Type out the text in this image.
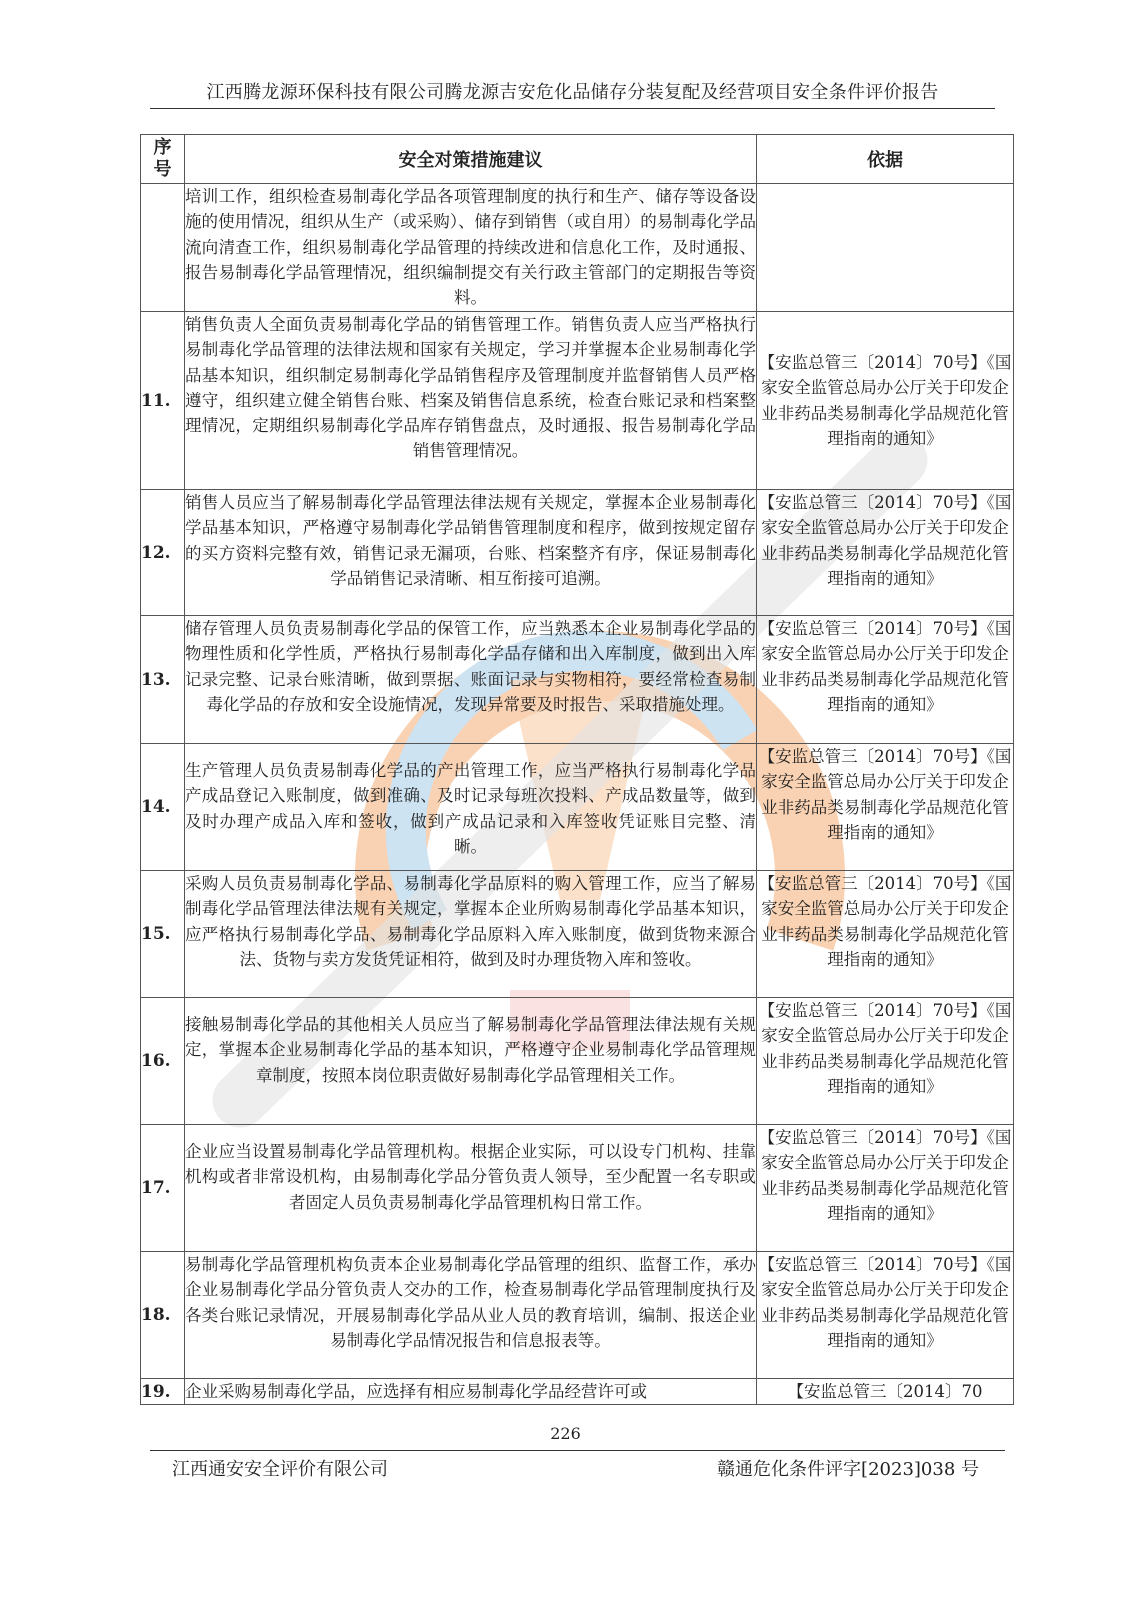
江西腾龙源环保科技有限公司腾龙源吉安危化品储存分装复配及经营项目安全条件评价报告
序
号	安全对策措施建议	依据
	培训工作，组织检查易制毒化学品各项管理制度的执行和生产、储存等设备设施的使用情况，组织从生产（或采购）、储存到销售（或自用）的易制毒化学品流向清查工作，组织易制毒化学品管理的持续改进和信息化工作，及时通报、报告易制毒化学品管理情况，组织编制提交有关行政主管部门的定期报告等资料。	
11.	销售负责人全面负责易制毒化学品的销售管理工作。销售负责人应当严格执行易制毒化学品管理的法律法规和国家有关规定，学习并掌握本企业易制毒化学品基本知识，组织制定易制毒化学品销售程序及管理制度并监督销售人员严格遵守，组织建立健全销售台账、档案及销售信息系统，检查台账记录和档案整理情况，定期组织易制毒化学品库存销售盘点，及时通报、报告易制毒化学品销售管理情况。	【安监总管三〔2014〕70号】《国家安全监管总局办公厅关于印发企业非药品类易制毒化学品规范化管理指南的通知》
12.	销售人员应当了解易制毒化学品管理法律法规有关规定，掌握本企业易制毒化学品基本知识，严格遵守易制毒化学品销售管理制度和程序，做到按规定留存的买方资料完整有效，销售记录无漏项，台账、档案整齐有序，保证易制毒化学品销售记录清晰、相互衔接可追溯。	【安监总管三〔2014〕70号】《国家安全监管总局办公厅关于印发企业非药品类易制毒化学品规范化管理指南的通知》
13.	储存管理人员负责易制毒化学品的保管工作，应当熟悉本企业易制毒化学品的物理性质和化学性质，严格执行易制毒化学品存储和出入库制度，做到出入库记录完整、记录台账清晰，做到票据、账面记录与实物相符，要经常检查易制毒化学品的存放和安全设施情况，发现异常要及时报告、采取措施处理。	【安监总管三〔2014〕70号】《国家安全监管总局办公厅关于印发企业非药品类易制毒化学品规范化管理指南的通知》
14.	生产管理人员负责易制毒化学品的产出管理工作，应当严格执行易制毒化学品产成品登记入账制度，做到准确、及时记录每班次投料、产成品数量等，做到及时办理产成品入库和签收，做到产成品记录和入库签收凭证账目完整、清晰。	【安监总管三〔2014〕70号】《国家安全监管总局办公厅关于印发企业非药品类易制毒化学品规范化管理指南的通知》
15.	采购人员负责易制毒化学品、易制毒化学品原料的购入管理工作，应当了解易制毒化学品管理法律法规有关规定，掌握本企业所购易制毒化学品基本知识，应严格执行易制毒化学品、易制毒化学品原料入库入账制度，做到货物来源合法、货物与卖方发货凭证相符，做到及时办理货物入库和签收。	【安监总管三〔2014〕70号】《国家安全监管总局办公厅关于印发企业非药品类易制毒化学品规范化管理指南的通知》
16.	接触易制毒化学品的其他相关人员应当了解易制毒化学品管理法律法规有关规定，掌握本企业易制毒化学品的基本知识，严格遵守企业易制毒化学品管理规章制度，按照本岗位职责做好易制毒化学品管理相关工作。	【安监总管三〔2014〕70号】《国家安全监管总局办公厅关于印发企业非药品类易制毒化学品规范化管理指南的通知》
17.	企业应当设置易制毒化学品管理机构。根据企业实际，可以设专门机构、挂靠机构或者非常设机构，由易制毒化学品分管负责人领导，至少配置一名专职或者固定人员负责易制毒化学品管理机构日常工作。	【安监总管三〔2014〕70号】《国家安全监管总局办公厅关于印发企业非药品类易制毒化学品规范化管理指南的通知》
18.	易制毒化学品管理机构负责本企业易制毒化学品管理的组织、监督工作，承办企业易制毒化学品分管负责人交办的工作，检查易制毒化学品管理制度执行及各类台账记录情况，开展易制毒化学品从业人员的教育培训，编制、报送企业易制毒化学品情况报告和信息报表等。	【安监总管三〔2014〕70号】《国家安全监管总局办公厅关于印发企业非药品类易制毒化学品规范化管理指南的通知》
19.	企业采购易制毒化学品，应选择有相应易制毒化学品经营许可或	【安监总管三〔2014〕70
226
江西通安安全评价有限公司	赣通危化条件评字[2023]038 号
